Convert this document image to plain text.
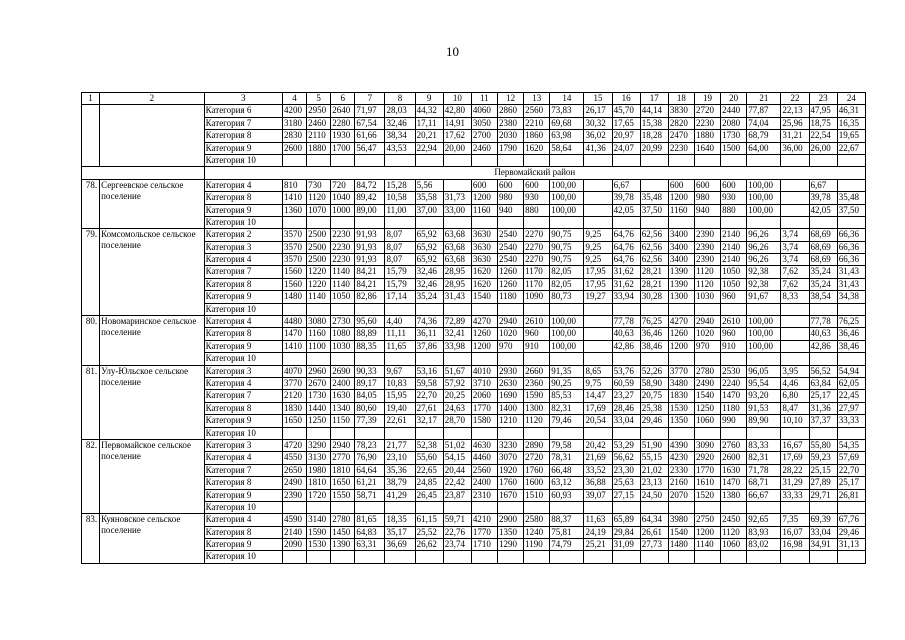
10
1	2	3	4	5	6	7	8	9	10	11	12	13	14	15	16	17	18	19	20	21	22	23	24
		Категория 6	4200	2950	2640	71,97	28,03	44,32	42,80	4060	2860	2560	73,83	26,17	45,70	44,14	3830	2720	2440	77,87	22,13	47,95	46,31
		Категория 7	3180	2460	2280	67,54	32,46	17,11	14,91	3050	2380	2210	69,68	30,32	17,65	15,38	2820	2230	2080	74,04	25,96	18,75	16,35
		Категория 8	2830	2110	1930	61,66	38,34	20,21	17,62	2700	2030	1860	63,98	36,02	20,97	18,28	2470	1880	1730	68,79	31,21	22,54	19,65
		Категория 9	2600	1880	1700	56,47	43,53	22,94	20,00	2460	1790	1620	58,64	41,36	24,07	20,99	2230	1640	1500	64,00	36,00	26,00	22,67
		Категория 10																					
		Первомайский район																					
78.	Сергеевское сельское поселение	Категория 4	810	730	720	84,72	15,28	5,56		600	600	600	100,00		6,67		600	600	600	100,00		6,67	
		Категория 8	1410	1120	1040	89,42	10,58	35,58	31,73	1200	980	930	100,00		39,78	35,48	1200	980	930	100,00		39,78	35,48
		Категория 9	1360	1070	1000	89,00	11,00	37,00	33,00	1160	940	880	100,00		42,05	37,50	1160	940	880	100,00		42,05	37,50
		Категория 10																					
79.	Комсомольское сельское поселение	Категория 2	3570	2500	2230	91,93	8,07	65,92	63,68	3630	2540	2270	90,75	9,25	64,76	62,56	3400	2390	2140	96,26	3,74	68,69	66,36
		Категория 3	3570	2500	2230	91,93	8,07	65,92	63,68	3630	2540	2270	90,75	9,25	64,76	62,56	3400	2390	2140	96,26	3,74	68,69	66,36
		Категория 4	3570	2500	2230	91,93	8,07	65,92	63,68	3630	2540	2270	90,75	9,25	64,76	62,56	3400	2390	2140	96,26	3,74	68,69	66,36
		Категория 7	1560	1220	1140	84,21	15,79	32,46	28,95	1620	1260	1170	82,05	17,95	31,62	28,21	1390	1120	1050	92,38	7,62	35,24	31,43
		Категория 8	1560	1220	1140	84,21	15,79	32,46	28,95	1620	1260	1170	82,05	17,95	31,62	28,21	1390	1120	1050	92,38	7,62	35,24	31,43
		Категория 9	1480	1140	1050	82,86	17,14	35,24	31,43	1540	1180	1090	80,73	19,27	33,94	30,28	1300	1030	960	91,67	8,33	38,54	34,38
		Категория 10																					
80.	Новомаринское сельское поселение	Категория 4	4480	3080	2730	95,60	4,40	74,36	72,89	4270	2940	2610	100,00		77,78	76,25	4270	2940	2610	100,00		77,78	76,25
		Категория 8	1470	1160	1080	88,89	11,11	36,11	32,41	1260	1020	960	100,00		40,63	36,46	1260	1020	960	100,00		40,63	36,46
		Категория 9	1410	1100	1030	88,35	11,65	37,86	33,98	1200	970	910	100,00		42,86	38,46	1200	970	910	100,00		42,86	38,46
		Категория 10																					
81.	Улу-Юльское сельское поселение	Категория 3	4070	2960	2690	90,33	9,67	53,16	51,67	4010	2930	2660	91,35	8,65	53,76	52,26	3770	2780	2530	96,05	3,95	56,52	54,94
		Категория 4	3770	2670	2400	89,17	10,83	59,58	57,92	3710	2630	2360	90,25	9,75	60,59	58,90	3480	2490	2240	95,54	4,46	63,84	62,05
		Категория 7	2120	1730	1630	84,05	15,95	22,70	20,25	2060	1690	1590	85,53	14,47	23,27	20,75	1830	1540	1470	93,20	6,80	25,17	22,45
		Категория 8	1830	1440	1340	80,60	19,40	27,61	24,63	1770	1400	1300	82,31	17,69	28,46	25,38	1530	1250	1180	91,53	8,47	31,36	27,97
		Категория 9	1650	1250	1150	77,39	22,61	32,17	28,70	1580	1210	1120	79,46	20,54	33,04	29,46	1350	1060	990	89,90	10,10	37,37	33,33
		Категория 10																					
82.	Первомайское сельское поселение	Категория 3	4720	3290	2940	78,23	21,77	52,38	51,02	4630	3230	2890	79,58	20,42	53,29	51,90	4390	3090	2760	83,33	16,67	55,80	54,35
		Категория 4	4550	3130	2770	76,90	23,10	55,60	54,15	4460	3070	2720	78,31	21,69	56,62	55,15	4230	2920	2600	82,31	17,69	59,23	57,69
		Категория 7	2650	1980	1810	64,64	35,36	22,65	20,44	2560	1920	1760	66,48	33,52	23,30	21,02	2330	1770	1630	71,78	28,22	25,15	22,70
		Категория 8	2490	1810	1650	61,21	38,79	24,85	22,42	2400	1760	1600	63,12	36,88	25,63	23,13	2160	1610	1470	68,71	31,29	27,89	25,17
		Категория 9	2390	1720	1550	58,71	41,29	26,45	23,87	2310	1670	1510	60,93	39,07	27,15	24,50	2070	1520	1380	66,67	33,33	29,71	26,81
		Категория 10																					
83.	Куяновское сельское поселение	Категория 4	4590	3140	2780	81,65	18,35	61,15	59,71	4210	2900	2580	88,37	11,63	65,89	64,34	3980	2750	2450	92,65	7,35	69,39	67,76
		Категория 8	2140	1590	1450	64,83	35,17	25,52	22,76	1770	1350	1240	75,81	24,19	29,84	26,61	1540	1200	1120	83,93	16,07	33,04	29,46
		Категория 9	2090	1530	1390	63,31	36,69	26,62	23,74	1710	1290	1190	74,79	25,21	31,09	27,73	1480	1140	1060	83,02	16,98	34,91	31,13
		Категория 10																					
